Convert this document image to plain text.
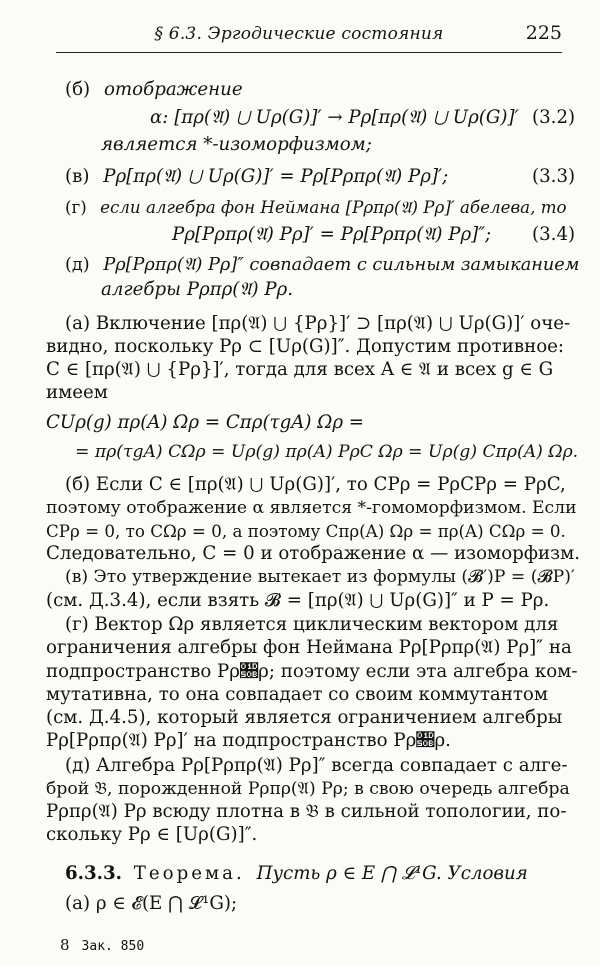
§ 6.3. Эргодические состояния	225
(б) отображение
α: [πρ(𝔄) ⋃ Uρ(G)]′ → Pρ[πρ(𝔄) ⋃ Uρ(G)]′ (3.2)
является *-изоморфизмом;
(в) Pρ[πρ(𝔄) ⋃ Uρ(G)]′ = Pρ[Pρπρ(𝔄) Pρ]′;	(3.3)
(г) если алгебра фон Неймана [Pρπρ(𝔄) Pρ]′ абелева, то
Pρ[Pρπρ(𝔄) Pρ]′ = Pρ[Pρπρ(𝔄) Pρ]″; (3.4)
(д) Pρ[Pρπρ(𝔄) Pρ]″ совпадает с сильным замыканием
алгебры Pρπρ(𝔄) Pρ.
(а) Включение [πρ(𝔄) ⋃ {Pρ}]′ ⊃ [πρ(𝔄) ⋃ Uρ(G)]′ оче-
видно, поскольку Pρ ⊂ [Uρ(G)]″. Допустим противное:
C ∈ [πρ(𝔄) ⋃ {Pρ}]′, тогда для всех A ∈ 𝔄 и всех g ∈ G
имеем
CUρ(g) πρ(A) Ωρ = Cπρ(τgA) Ωρ =
= πρ(τgA) CΩρ = Uρ(g) πρ(A) PρC Ωρ = Uρ(g) Cπρ(A) Ωρ.
(б) Если C ∈ [πρ(𝔄) ⋃ Uρ(G)]′, то CPρ = PρCPρ = PρC,
поэтому отображение α является *-гомоморфизмом. Если
CPρ = 0, то CΩρ = 0, а поэтому Cπρ(A) Ωρ = πρ(A) CΩρ = 0.
Следовательно, C = 0 и отображение α — изоморфизм.
(в) Это утверждение вытекает из формулы (𝓑′)P = (𝓑P)′
(см. Д.3.4), если взять 𝓑 = [πρ(𝔄) ⋃ Uρ(G)]″ и P = Pρ.
(г) Вектор Ωρ является циклическим вектором для
ограничения алгебры фон Неймана Pρ[Pρπρ(𝔄) Pρ]″ на
подпространство Pρ𝔋ρ; поэтому если эта алгебра ком-
мутативна, то она совпадает со своим коммутантом
(см. Д.4.5), который является ограничением алгебры
Pρ[Pρπρ(𝔄) Pρ]′ на подпространство Pρ𝔋ρ.
(д) Алгебра Pρ[Pρπρ(𝔄) Pρ]″ всегда совпадает с алге-
брой 𝔅, порожденной Pρπρ(𝔄) Pρ; в свою очередь алгебра
Pρπρ(𝔄) Pρ всюду плотна в 𝔅 в сильной топологии, по-
скольку Pρ ∈ [Uρ(G)]″.
6.3.3. Теорема. Пусть ρ ∈ E ⋂ 𝓛¹G. Условия
(а) ρ ∈ 𝓔(E ⋂ 𝓛¹G);
8 Зак. 850
